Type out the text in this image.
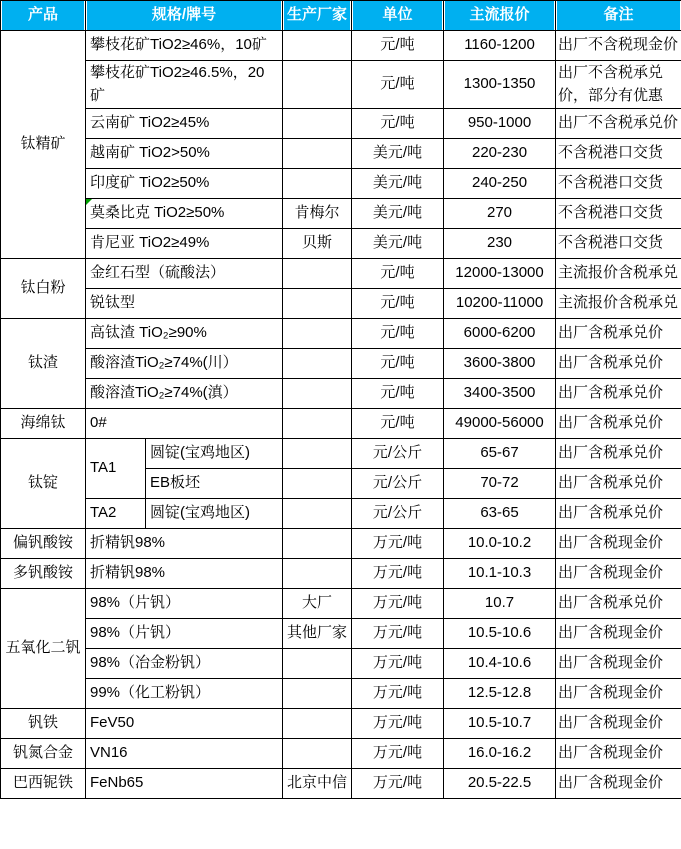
产品	规格/牌号		生产厂家	单位	主流报价	备注
钛精矿	攀枝花矿TiO2≥46%，10矿			元/吨	1160-1200	出厂不含税现金价
	攀枝花矿TiO2≥46.5%，20矿			元/吨	1300-1350	出厂不含税承兑价，部分有优惠
	云南矿 TiO2≥45%			元/吨	950-1000	出厂不含税承兑价
	越南矿 TiO2>50%			美元/吨	220-230	不含税港口交货
	印度矿 TiO2≥50%			美元/吨	240-250	不含税港口交货
	莫桑比克 TiO2≥50%		肯梅尔	美元/吨	270	不含税港口交货
	肯尼亚 TiO2≥49%		贝斯	美元/吨	230	不含税港口交货
钛白粉	金红石型（硫酸法）			元/吨	12000-13000	主流报价含税承兑
	锐钛型			元/吨	10200-11000	主流报价含税承兑
钛渣	高钛渣 TiO₂≥90%			元/吨	6000-6200	出厂含税承兑价
	酸溶渣TiO₂≥74%(川）			元/吨	3600-3800	出厂含税承兑价
	酸溶渣TiO₂≥74%(滇）			元/吨	3400-3500	出厂含税承兑价
海绵钛	0#			元/吨	49000-56000	出厂含税承兑价
钛锭	TA1	圆锭(宝鸡地区)		元/公斤	65-67	出厂含税承兑价
		EB板坯		元/公斤	70-72	出厂含税承兑价
	TA2	圆锭(宝鸡地区)		元/公斤	63-65	出厂含税承兑价
偏钒酸铵	折精钒98%			万元/吨	10.0-10.2	出厂含税现金价
多钒酸铵	折精钒98%			万元/吨	10.1-10.3	出厂含税现金价
五氧化二钒	98%（片钒）		大厂	万元/吨	10.7	出厂含税承兑价
	98%（片钒）		其他厂家	万元/吨	10.5-10.6	出厂含税现金价
	98%（冶金粉钒）			万元/吨	10.4-10.6	出厂含税现金价
	99%（化工粉钒）			万元/吨	12.5-12.8	出厂含税现金价
钒铁	FeV50			万元/吨	10.5-10.7	出厂含税现金价
钒氮合金	VN16			万元/吨	16.0-16.2	出厂含税现金价
巴西铌铁	FeNb65		北京中信	万元/吨	20.5-22.5	出厂含税现金价
